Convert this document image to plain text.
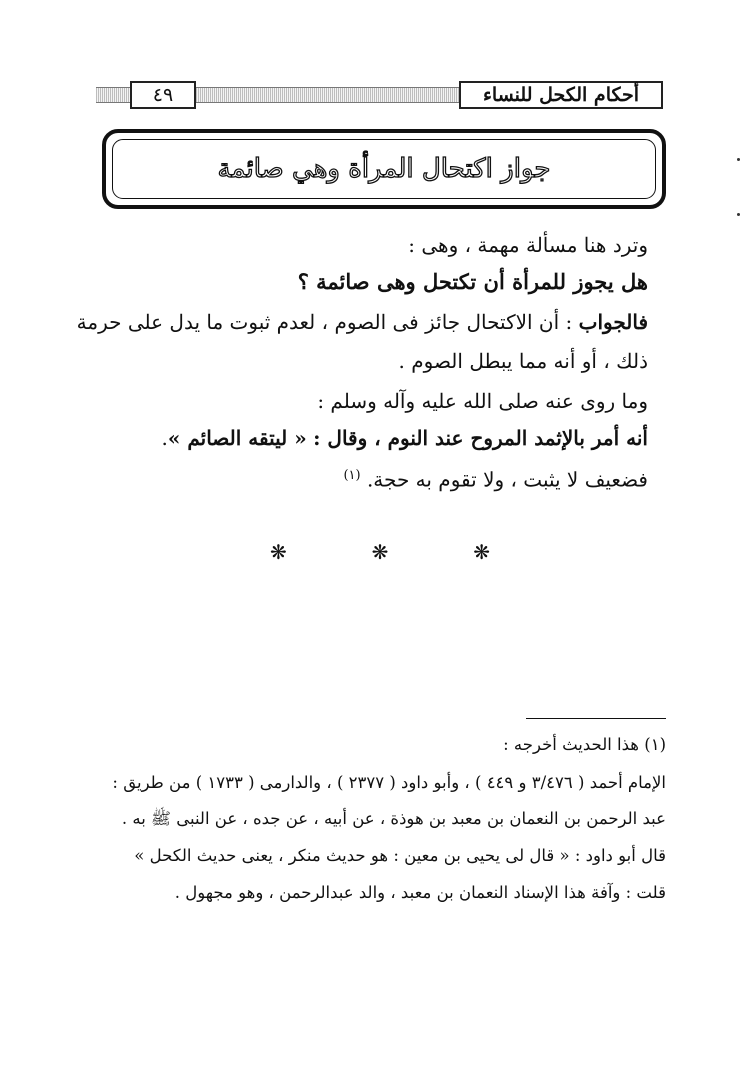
أحكام الكحل للنساء
٤٩
جواز اكتحال المرأة وهي صائمة
وترد هنا مسألة مهمة ، وهى :
هل يجوز للمرأة أن تكتحل وهى صائمة ؟
فالجواب : أن الاكتحال جائز فى الصوم ، لعدم ثبوت ما يدل على حرمة
ذلك ، أو أنه مما يبطل الصوم .
وما روى عنه صلى الله عليه وآله وسلم :
أنه أمر بالإثمد المروح عند النوم ، وقال : « ليتقه الصائم ».
فضعيف لا يثبت ، ولا تقوم به حجة. $^{(١)}$
❋	❋	❋
(١) هذا الحديث أخرجه :
الإمام أحمد ( ٣/٤٧٦ و ٤٤٩ ) ، وأبو داود ( ٢٣٧٧ ) ، والدارمى ( ١٧٣٣ ) من طريق :
عبد الرحمن بن النعمان بن معبد بن هوذة ، عن أبيه ، عن جده ، عن النبى ﷺ به .
قال أبو داود : « قال لى يحيى بن معين : هو حديث منكر ، يعنى حديث الكحل »
قلت : وآفة هذا الإسناد النعمان بن معبد ، والد عبدالرحمن ، وهو مجهول .
